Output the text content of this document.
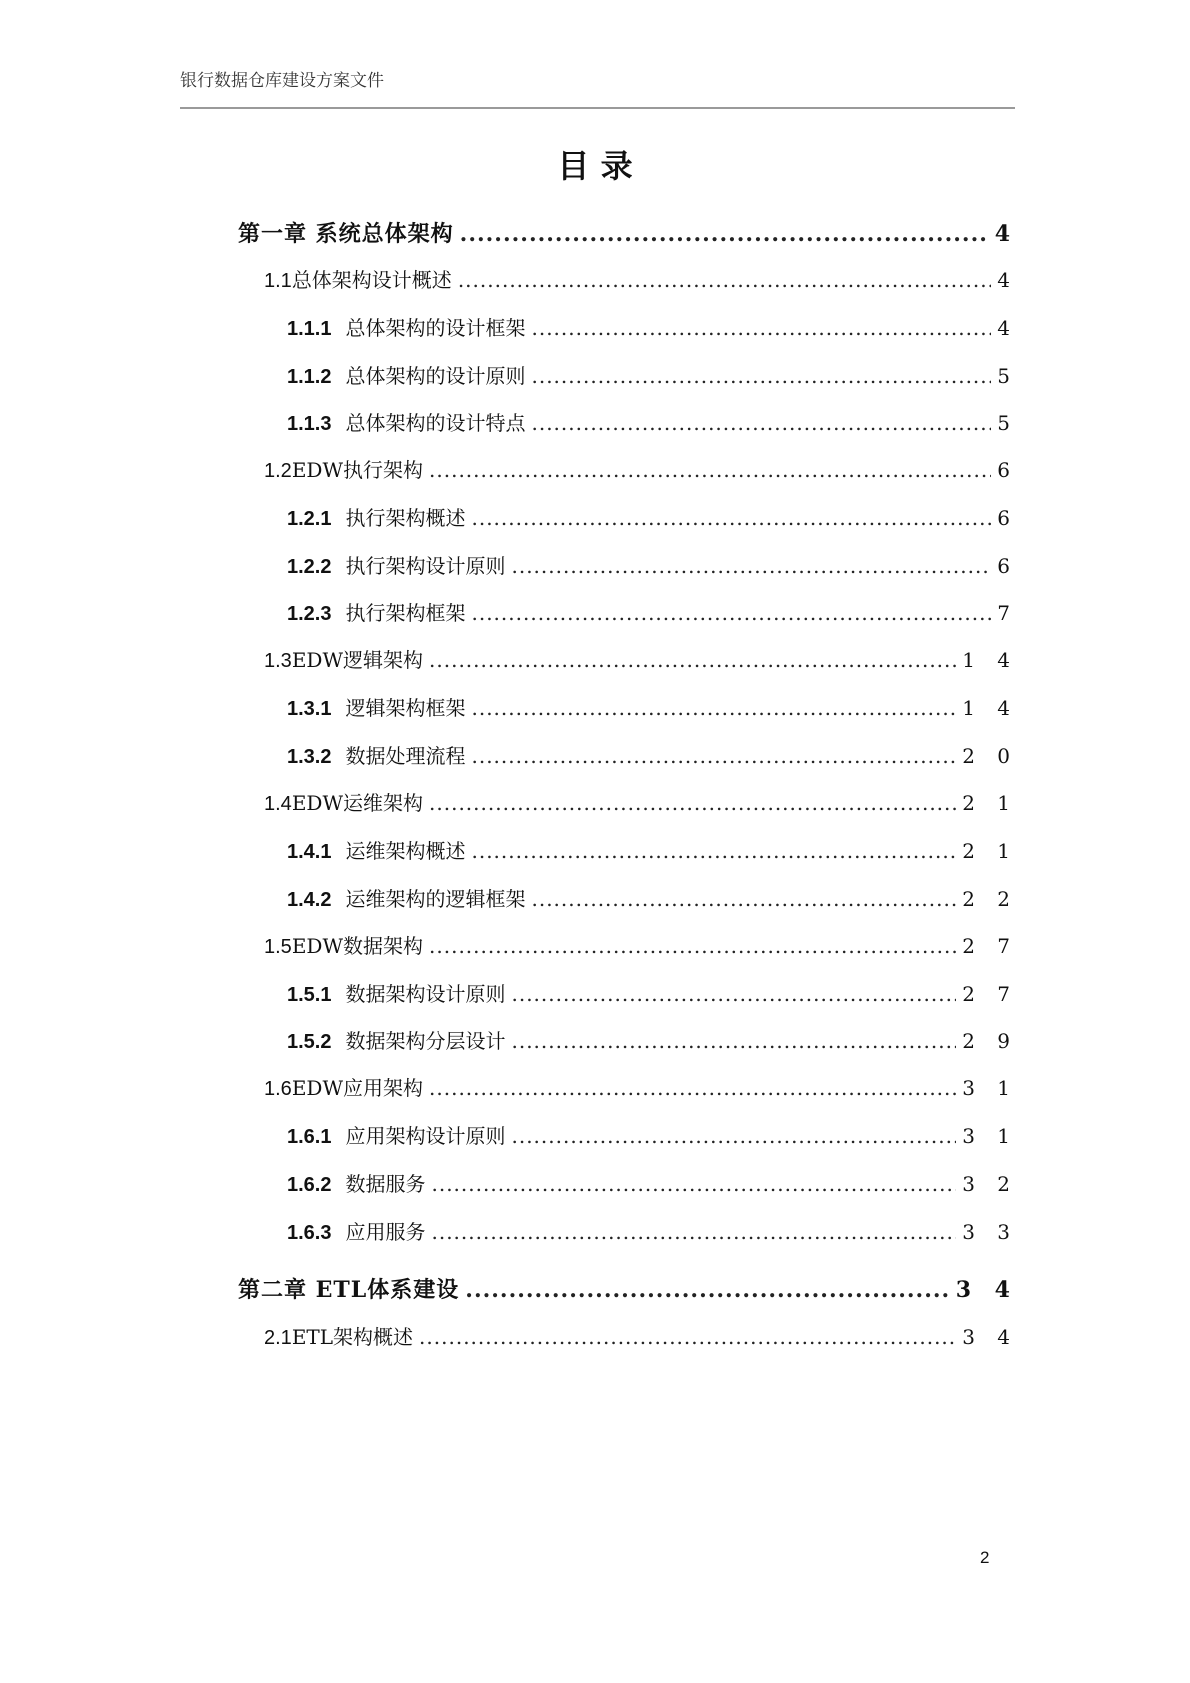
银行数据仓库建设方案文件
目 录
第一章 系统总体架构 .....	4
1.1 总体架构设计概述 .....	4
1.1.1 总体架构的设计框架 .....	4
1.1.2 总体架构的设计原则 .....	5
1.1.3 总体架构的设计特点 .....	5
1.2 EDW执行架构 .....	6
1.2.1 执行架构概述 .....	6
1.2.2 执行架构设计原则 .....	6
1.2.3 执行架构框架 .....	7
1.3 EDW逻辑架构 .....	1 4
1.3.1 逻辑架构框架 .....	1 4
1.3.2 数据处理流程 .....	2 0
1.4 EDW运维架构 .....	2 1
1.4.1 运维架构概述 .....	2 1
1.4.2 运维架构的逻辑框架 .....	2 2
1.5 EDW数据架构 .....	2 7
1.5.1 数据架构设计原则 .....	2 7
1.5.2 数据架构分层设计 .....	2 9
1.6 EDW应用架构 .....	3 1
1.6.1 应用架构设计原则 .....	3 1
1.6.2 数据服务 .....	3 2
1.6.3 应用服务 .....	3 3
第二章 ETL体系建设 .....	3 4
2.1 ETL架构概述 .....	3 4
2
